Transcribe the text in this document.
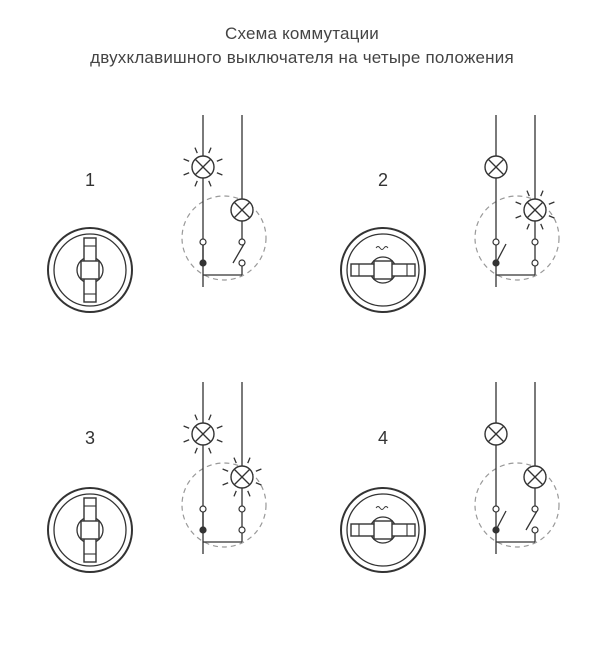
Схема коммутации
двухклавишного выключателя на четыре положения
1	2
3	4
